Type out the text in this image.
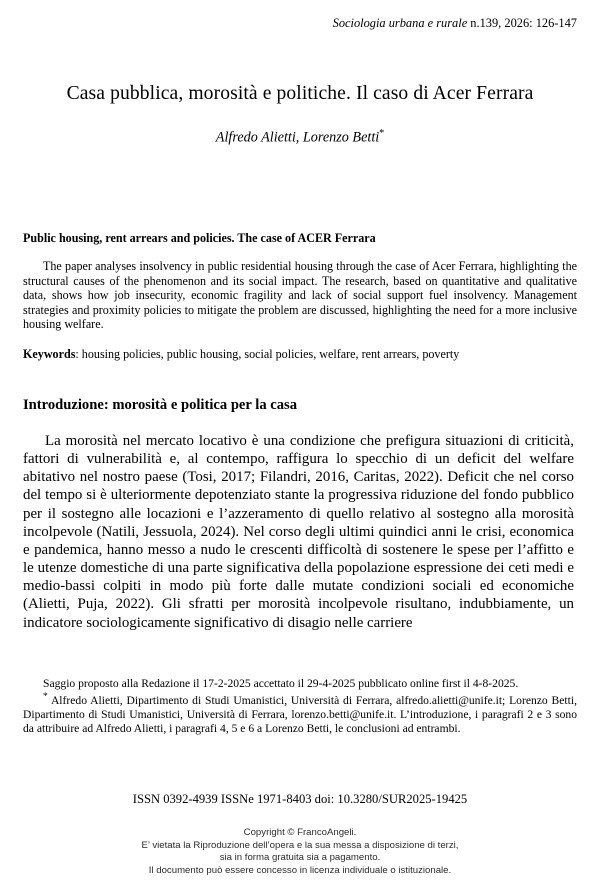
Sociologia urbana e rurale n.139, 2026: 126-147
Casa pubblica, morosità e politiche. Il caso di Acer Ferrara
Alfredo Alietti, Lorenzo Betti*
Public housing, rent arrears and policies. The case of ACER Ferrara
The paper analyses insolvency in public residential housing through the case of Acer Ferrara, highlighting the structural causes of the phenomenon and its social impact. The research, based on quantitative and qualitative data, shows how job insecurity, economic fragility and lack of social support fuel insolvency. Management strategies and proximity policies to mitigate the problem are discussed, highlighting the need for a more inclusive housing welfare.
Keywords: housing policies, public housing, social policies, welfare, rent arrears, poverty
Introduzione: morosità e politica per la casa
La morosità nel mercato locativo è una condizione che prefigura situazioni di criticità, fattori di vulnerabilità e, al contempo, raffigura lo specchio di un deficit del welfare abitativo nel nostro paese (Tosi, 2017; Filandri, 2016, Caritas, 2022). Deficit che nel corso del tempo si è ulteriormente depotenziato stante la progressiva riduzione del fondo pubblico per il sostegno alle locazioni e l’azzeramento di quello relativo al sostegno alla morosità incolpevole (Natili, Jessuola, 2024). Nel corso degli ultimi quindici anni le crisi, economica e pandemica, hanno messo a nudo le crescenti difficoltà di sostenere le spese per l’affitto e le utenze domestiche di una parte significativa della popolazione espressione dei ceti medi e medio-bassi colpiti in modo più forte dalle mutate condizioni sociali ed economiche (Alietti, Puja, 2022). Gli sfratti per morosità incolpevole risultano, indubbiamente, un indicatore sociologicamente significativo di disagio nelle carriere
Saggio proposto alla Redazione il 17-2-2025 accettato il 29-4-2025 pubblicato online first il 4-8-2025.
* Alfredo Alietti, Dipartimento di Studi Umanistici, Università di Ferrara, alfredo.alietti@unife.it; Lorenzo Betti, Dipartimento di Studi Umanistici, Università di Ferrara, lorenzo.betti@unife.it. L’introduzione, i paragrafi 2 e 3 sono da attribuire ad Alfredo Alietti, i paragrafi 4, 5 e 6 a Lorenzo Betti, le conclusioni ad entrambi.
ISSN 0392-4939 ISSNe 1971-8403 doi: 10.3280/SUR2025-19425
Copyright © FrancoAngeli.
E’ vietata la Riproduzione dell’opera e la sua messa a disposizione di terzi,
sia in forma gratuita sia a pagamento.
Il documento può essere concesso in licenza individuale o istituzionale.
